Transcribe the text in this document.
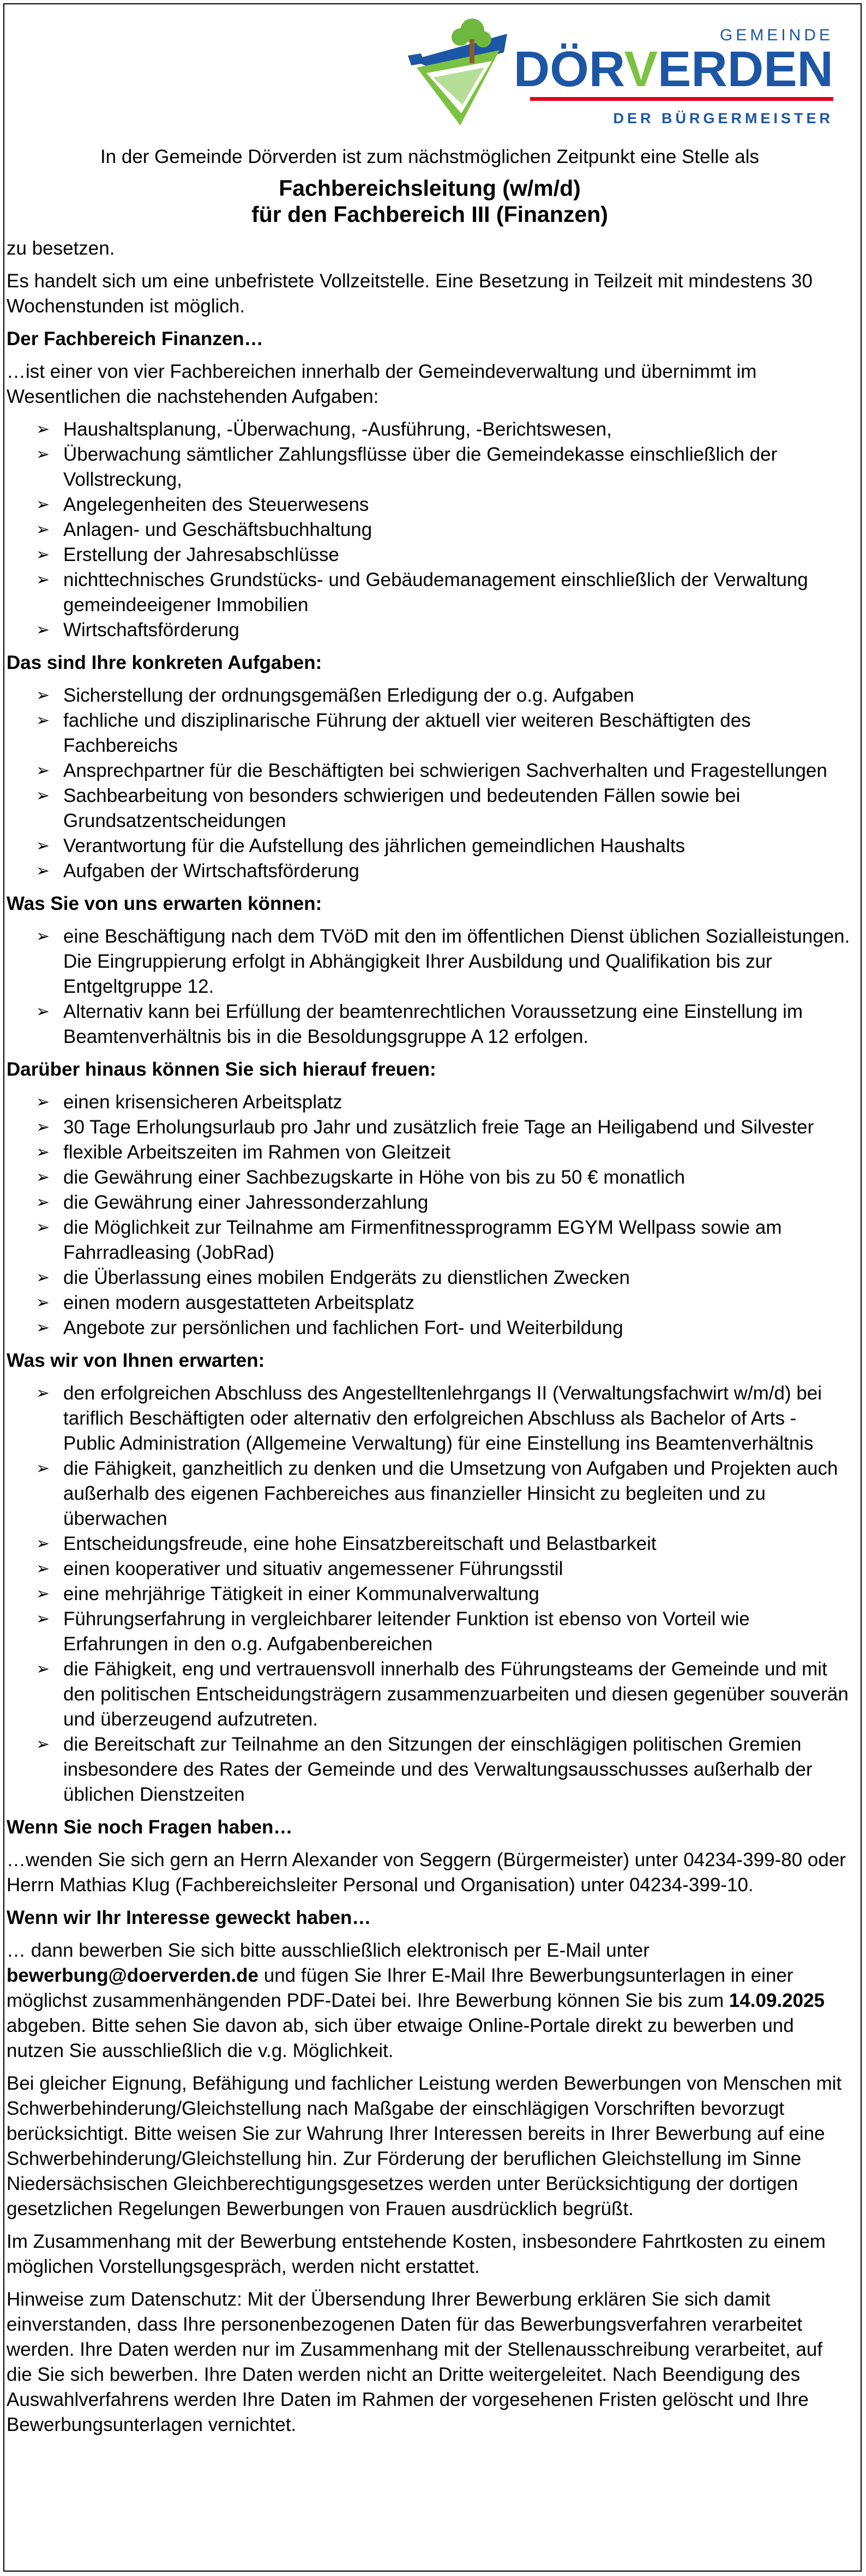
GEMEINDE
DÖRVERDEN
DER BÜRGERMEISTER

In der Gemeinde Dörverden ist zum nächstmöglichen Zeitpunkt eine Stelle als

Fachbereichsleitung (w/m/d)
für den Fachbereich III (Finanzen)

zu besetzen.

Es handelt sich um eine unbefristete Vollzeitstelle. Eine Besetzung in Teilzeit mit mindestens 30 Wochenstunden ist möglich.

Der Fachbereich Finanzen…

…ist einer von vier Fachbereichen innerhalb der Gemeindeverwaltung und übernimmt im Wesentlichen die nachstehenden Aufgaben:

➢ Haushaltsplanung, -Überwachung, -Ausführung, -Berichtswesen,
➢ Überwachung sämtlicher Zahlungsflüsse über die Gemeindekasse einschließlich der Vollstreckung,
➢ Angelegenheiten des Steuerwesens
➢ Anlagen- und Geschäftsbuchhaltung
➢ Erstellung der Jahresabschlüsse
➢ nichttechnisches Grundstücks- und Gebäudemanagement einschließlich der Verwaltung gemeindeeigener Immobilien
➢ Wirtschaftsförderung
Das sind Ihre konkreten Aufgaben:
➢ Sicherstellung der ordnungsgemäßen Erledigung der o.g. Aufgaben
➢ fachliche und disziplinarische Führung der aktuell vier weiteren Beschäftigten des Fachbereichs
➢ Ansprechpartner für die Beschäftigten bei schwierigen Sachverhalten und Fragestellungen
➢ Sachbearbeitung von besonders schwierigen und bedeutenden Fällen sowie bei Grundsatzentscheidungen
➢ Verantwortung für die Aufstellung des jährlichen gemeindlichen Haushalts
➢ Aufgaben der Wirtschaftsförderung
Was Sie von uns erwarten können:
➢ eine Beschäftigung nach dem TVöD mit den im öffentlichen Dienst üblichen Sozialleistungen. Die Eingruppierung erfolgt in Abhängigkeit Ihrer Ausbildung und Qualifikation bis zur Entgeltgruppe 12.
➢ Alternativ kann bei Erfüllung der beamtenrechtlichen Voraussetzung eine Einstellung im Beamtenverhältnis bis in die Besoldungsgruppe A 12 erfolgen.
Darüber hinaus können Sie sich hierauf freuen:
➢ einen krisensicheren Arbeitsplatz
➢ 30 Tage Erholungsurlaub pro Jahr und zusätzlich freie Tage an Heiligabend und Silvester
➢ flexible Arbeitszeiten im Rahmen von Gleitzeit
➢ die Gewährung einer Sachbezugskarte in Höhe von bis zu 50 € monatlich
➢ die Gewährung einer Jahressonderzahlung
➢ die Möglichkeit zur Teilnahme am Firmenfitnessprogramm EGYM Wellpass sowie am Fahrradleasing (JobRad)
➢ die Überlassung eines mobilen Endgeräts zu dienstlichen Zwecken
➢ einen modern ausgestatteten Arbeitsplatz
➢ Angebote zur persönlichen und fachlichen Fort- und Weiterbildung
Was wir von Ihnen erwarten:
➢ den erfolgreichen Abschluss des Angestelltenlehrgangs II (Verwaltungsfachwirt w/m/d) bei tariflich Beschäftigten oder alternativ den erfolgreichen Abschluss als Bachelor of Arts - Public Administration (Allgemeine Verwaltung) für eine Einstellung ins Beamtenverhältnis
➢ die Fähigkeit, ganzheitlich zu denken und die Umsetzung von Aufgaben und Projekten auch außerhalb des eigenen Fachbereiches aus finanzieller Hinsicht zu begleiten und zu überwachen
➢ Entscheidungsfreude, eine hohe Einsatzbereitschaft und Belastbarkeit
➢ einen kooperativer und situativ angemessener Führungsstil
➢ eine mehrjährige Tätigkeit in einer Kommunalverwaltung
➢ Führungserfahrung in vergleichbarer leitender Funktion ist ebenso von Vorteil wie Erfahrungen in den o.g. Aufgabenbereichen
➢ die Fähigkeit, eng und vertrauensvoll innerhalb des Führungsteams der Gemeinde und mit den politischen Entscheidungsträgern zusammenzuarbeiten und diesen gegenüber souverän und überzeugend aufzutreten.
➢ die Bereitschaft zur Teilnahme an den Sitzungen der einschlägigen politischen Gremien insbesondere des Rates der Gemeinde und des Verwaltungsausschusses außerhalb der üblichen Dienstzeiten
Wenn Sie noch Fragen haben…

…wenden Sie sich gern an Herrn Alexander von Seggern (Bürgermeister) unter 04234-399-80 oder Herrn Mathias Klug (Fachbereichsleiter Personal und Organisation) unter 04234-399-10.

Wenn wir Ihr Interesse geweckt haben…

… dann bewerben Sie sich bitte ausschließlich elektronisch per E-Mail unter bewerbung@doerverden.de und fügen Sie Ihrer E-Mail Ihre Bewerbungsunterlagen in einer möglichst zusammenhängenden PDF-Datei bei. Ihre Bewerbung können Sie bis zum 14.09.2025 abgeben. Bitte sehen Sie davon ab, sich über etwaige Online-Portale direkt zu bewerben und nutzen Sie ausschließlich die v.g. Möglichkeit.

Bei gleicher Eignung, Befähigung und fachlicher Leistung werden Bewerbungen von Menschen mit Schwerbehinderung/Gleichstellung nach Maßgabe der einschlägigen Vorschriften bevorzugt berücksichtigt. Bitte weisen Sie zur Wahrung Ihrer Interessen bereits in Ihrer Bewerbung auf eine Schwerbehinderung/Gleichstellung hin. Zur Förderung der beruflichen Gleichstellung im Sinne Niedersächsischen Gleichberechtigungsgesetzes werden unter Berücksichtigung der dortigen gesetzlichen Regelungen Bewerbungen von Frauen ausdrücklich begrüßt.

Im Zusammenhang mit der Bewerbung entstehende Kosten, insbesondere Fahrtkosten zu einem möglichen Vorstellungsgespräch, werden nicht erstattet.

Hinweise zum Datenschutz: Mit der Übersendung Ihrer Bewerbung erklären Sie sich damit einverstanden, dass Ihre personenbezogenen Daten für das Bewerbungsverfahren verarbeitet werden. Ihre Daten werden nur im Zusammenhang mit der Stellenausschreibung verarbeitet, auf die Sie sich bewerben. Ihre Daten werden nicht an Dritte weitergeleitet. Nach Beendigung des Auswahlverfahrens werden Ihre Daten im Rahmen der vorgesehenen Fristen gelöscht und Ihre Bewerbungsunterlagen vernichtet.
